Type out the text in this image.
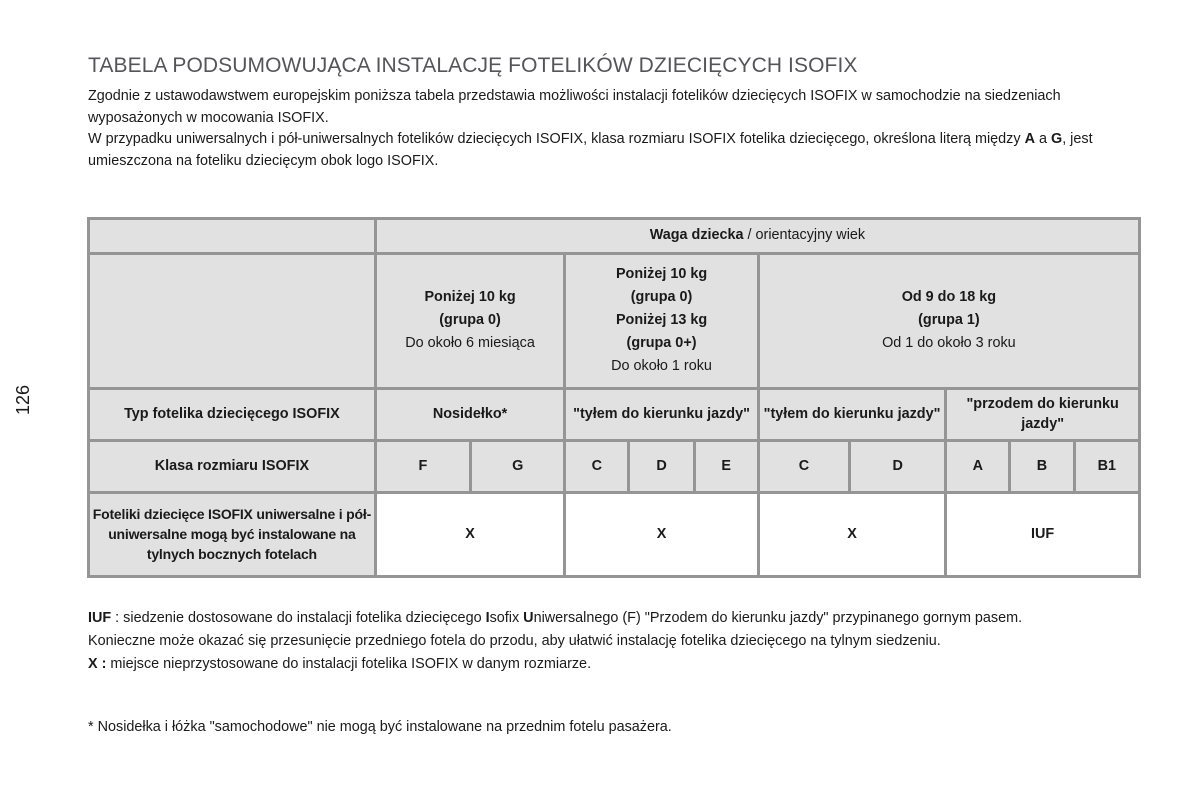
126
TABELA PODSUMOWUJĄCA INSTALACJĘ FOTELIKÓW DZIECIĘCYCH ISOFIX

Zgodnie z ustawodawstwem europejskim poniższa tabela przedstawia możliwości instalacji fotelików dziecięcych ISOFIX w samochodzie na siedzeniach wyposażonych w mocowania ISOFIX.

W przypadku uniwersalnych i pół-uniwersalnych fotelików dziecięcych ISOFIX, klasa rozmiaru ISOFIX fotelika dziecięcego, określona literą między A a G, jest umieszczona na foteliku dziecięcym obok logo ISOFIX.

	Waga dziecka / orientacyjny wiek									

	Poniżej 10 kg
(grupa 0)
Do około 6 miesiąca		Poniżej 10 kg
(grupa 0)
Poniżej 13 kg
(grupa 0+)
Do około 1 roku			Od 9 do 18 kg
(grupa 1)
Od 1 do około 3 roku				

Typ fotelika dziecięcego ISOFIX	Nosidełko*		"tyłem do kierunku jazdy"			"tyłem do kierunku jazdy"		"przodem do kierunku jazdy"		
Klasa rozmiaru ISOFIX	F	G	C	D	E	C	D	A	B	B1
Foteliki dziecięce ISOFIX uniwersalne i pół-uniwersalne mogą być instalowane na tylnych bocznych fotelach	X		X			X		IUF		

IUF : siedzenie dostosowane do instalacji fotelika dziecięcego Isofix Uniwersalnego (F) "Przodem do kierunku jazdy" przypinanego gornym pasem.

Konieczne może okazać się przesunięcie przedniego fotela do przodu, aby ułatwić instalację fotelika dziecięcego na tylnym siedzeniu.

X : miejsce nieprzystosowane do instalacji fotelika ISOFIX w danym rozmiarze.

* Nosidełka i łóżka "samochodowe" nie mogą być instalowane na przednim fotelu pasażera.
